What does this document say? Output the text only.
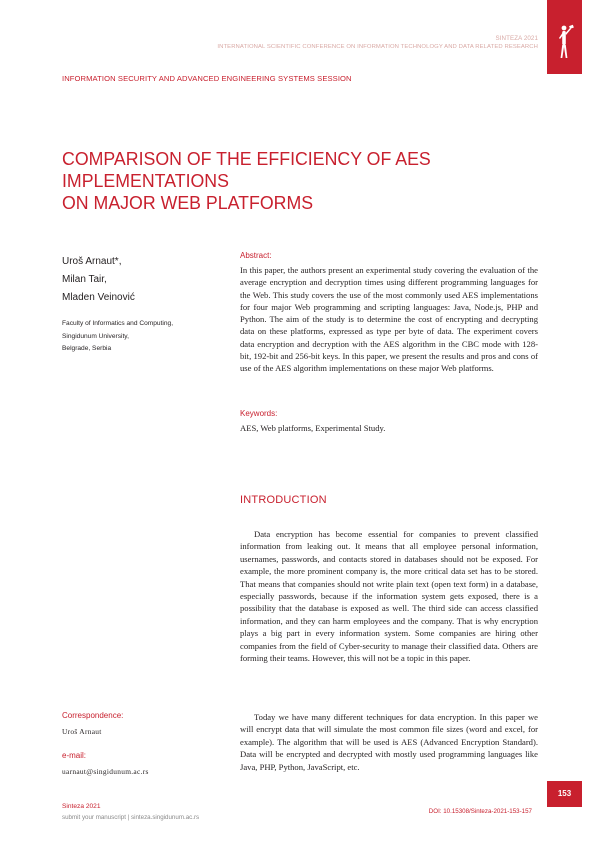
SINTEZA 2021
INTERNATIONAL SCIENTIFIC CONFERENCE ON INFORMATION TECHNOLOGY AND DATA RELATED RESEARCH
INFORMATION SECURITY AND ADVANCED ENGINEERING SYSTEMS SESSION
COMPARISON OF THE EFFICIENCY OF AES IMPLEMENTATIONS
ON MAJOR WEB PLATFORMS
Uroš Arnaut*,
Milan Tair,
Mladen Veinović
Faculty of Informatics and Computing,
Singidunum University,
Belgrade, Serbia
Abstract:
In this paper, the authors present an experimental study covering the evaluation of the average encryption and decryption times using different programming languages for the Web. This study covers the use of the most commonly used AES implementations for four major Web programming and scripting languages: Java, Node.js, PHP and Python. The aim of the study is to determine the cost of encrypting and decrypting data on these platforms, expressed as type per byte of data. The experiment covers data encryption and decryption with the AES algorithm in the CBC mode with 128-bit, 192-bit and 256-bit keys. In this paper, we present the results and pros and cons of use of the AES algorithm implementations on these major Web platforms.
Keywords:
AES, Web platforms, Experimental Study.
INTRODUCTION

Data encryption has become essential for companies to prevent classified information from leaking out. It means that all employee personal information, usernames, passwords, and contacts stored in databases should not be exposed. For example, the more prominent company is, the more critical data set has to be stored. That means that companies should not write plain text (open text form) in a database, especially passwords, because if the information system gets exposed, there is a possibility that the database is exposed as well. The third side can access classified information, and they can harm employees and the company. That is why encryption plays a big part in every information system. Some companies are hiring other companies from the field of Cyber-security to manage their classified data. Others are forming their teams. However, this will not be a topic in this paper.

Today we have many different techniques for data encryption. In this paper we will encrypt data that will simulate the most common file sizes (word and excel, for example). The algorithm that will be used is AES (Advanced Encryption Standard). Data will be encrypted and decrypted with mostly used programming languages like Java, PHP, Python, JavaScript, etc.

Correspondence:
Uroš Arnaut
e-mail:
uarnaut@singidunum.ac.rs
Sinteza 2021
submit your manuscript | sinteza.singidunum.ac.rs
DOI: 10.15308/Sinteza-2021-153-157
153
